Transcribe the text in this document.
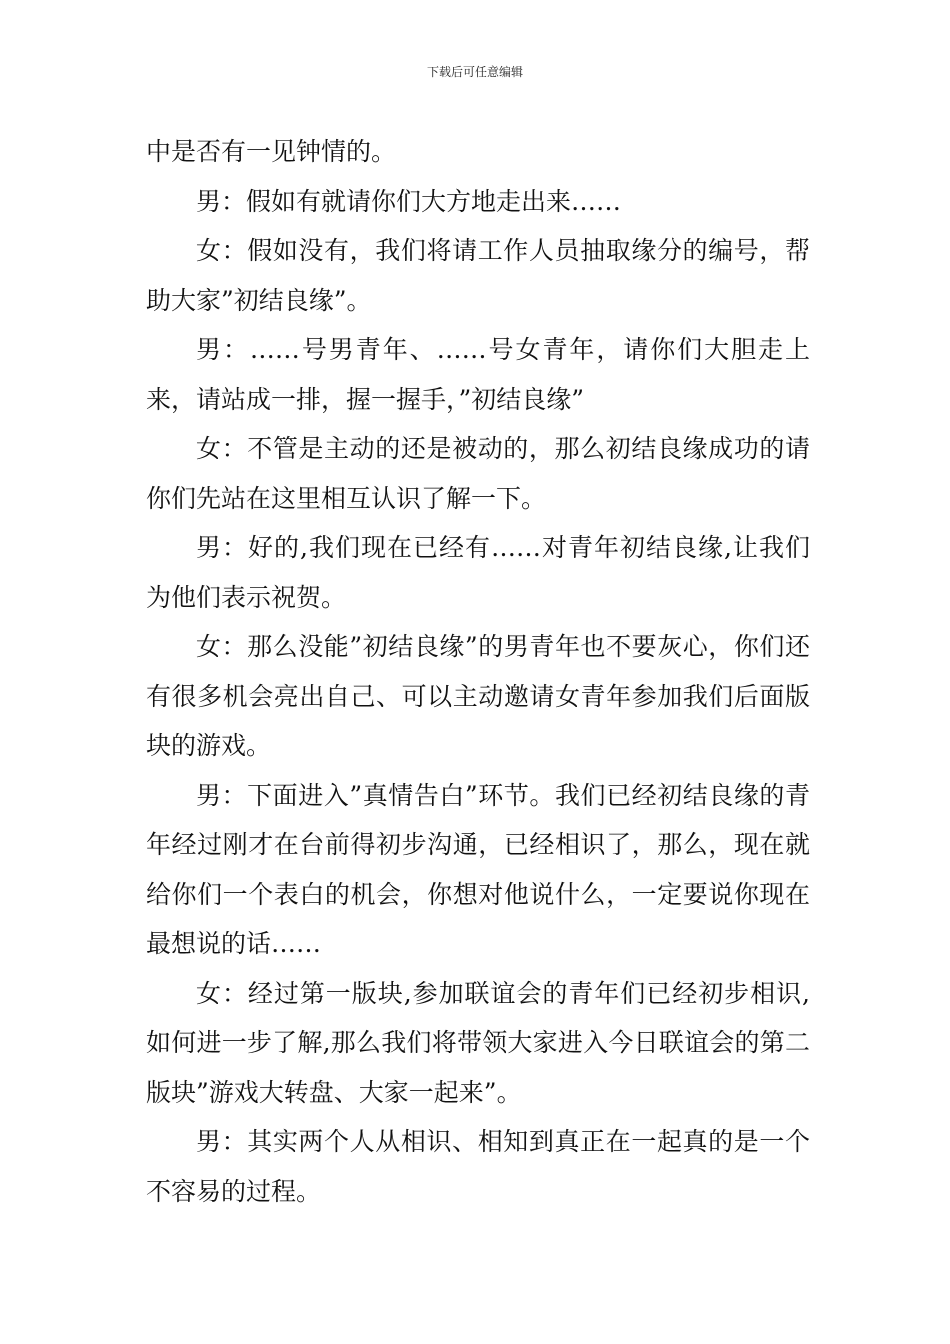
下载后可任意编辑

中是否有一见钟情的。

男：假如有就请你们大方地走出来……

女：假如没有，我们将请工作人员抽取缘分的编号，帮助大家”初结良缘”。

男：……号男青年、……号女青年，请你们大胆走上来，请站成一排，握一握手，”初结良缘”

女：不管是主动的还是被动的，那么初结良缘成功的请你们先站在这里相互认识了解一下。

男：好的,我们现在已经有……对青年初结良缘,让我们为他们表示祝贺。

女：那么没能”初结良缘”的男青年也不要灰心，你们还有很多机会亮出自己、可以主动邀请女青年参加我们后面版块的游戏。

男：下面进入”真情告白”环节。我们已经初结良缘的青年经过刚才在台前得初步沟通，已经相识了，那么，现在就给你们一个表白的机会，你想对他说什么，一定要说你现在最想说的话……

女：经过第一版块,参加联谊会的青年们已经初步相识,如何进一步了解,那么我们将带领大家进入今日联谊会的第二版块”游戏大转盘、大家一起来”。

男：其实两个人从相识、相知到真正在一起真的是一个不容易的过程。
